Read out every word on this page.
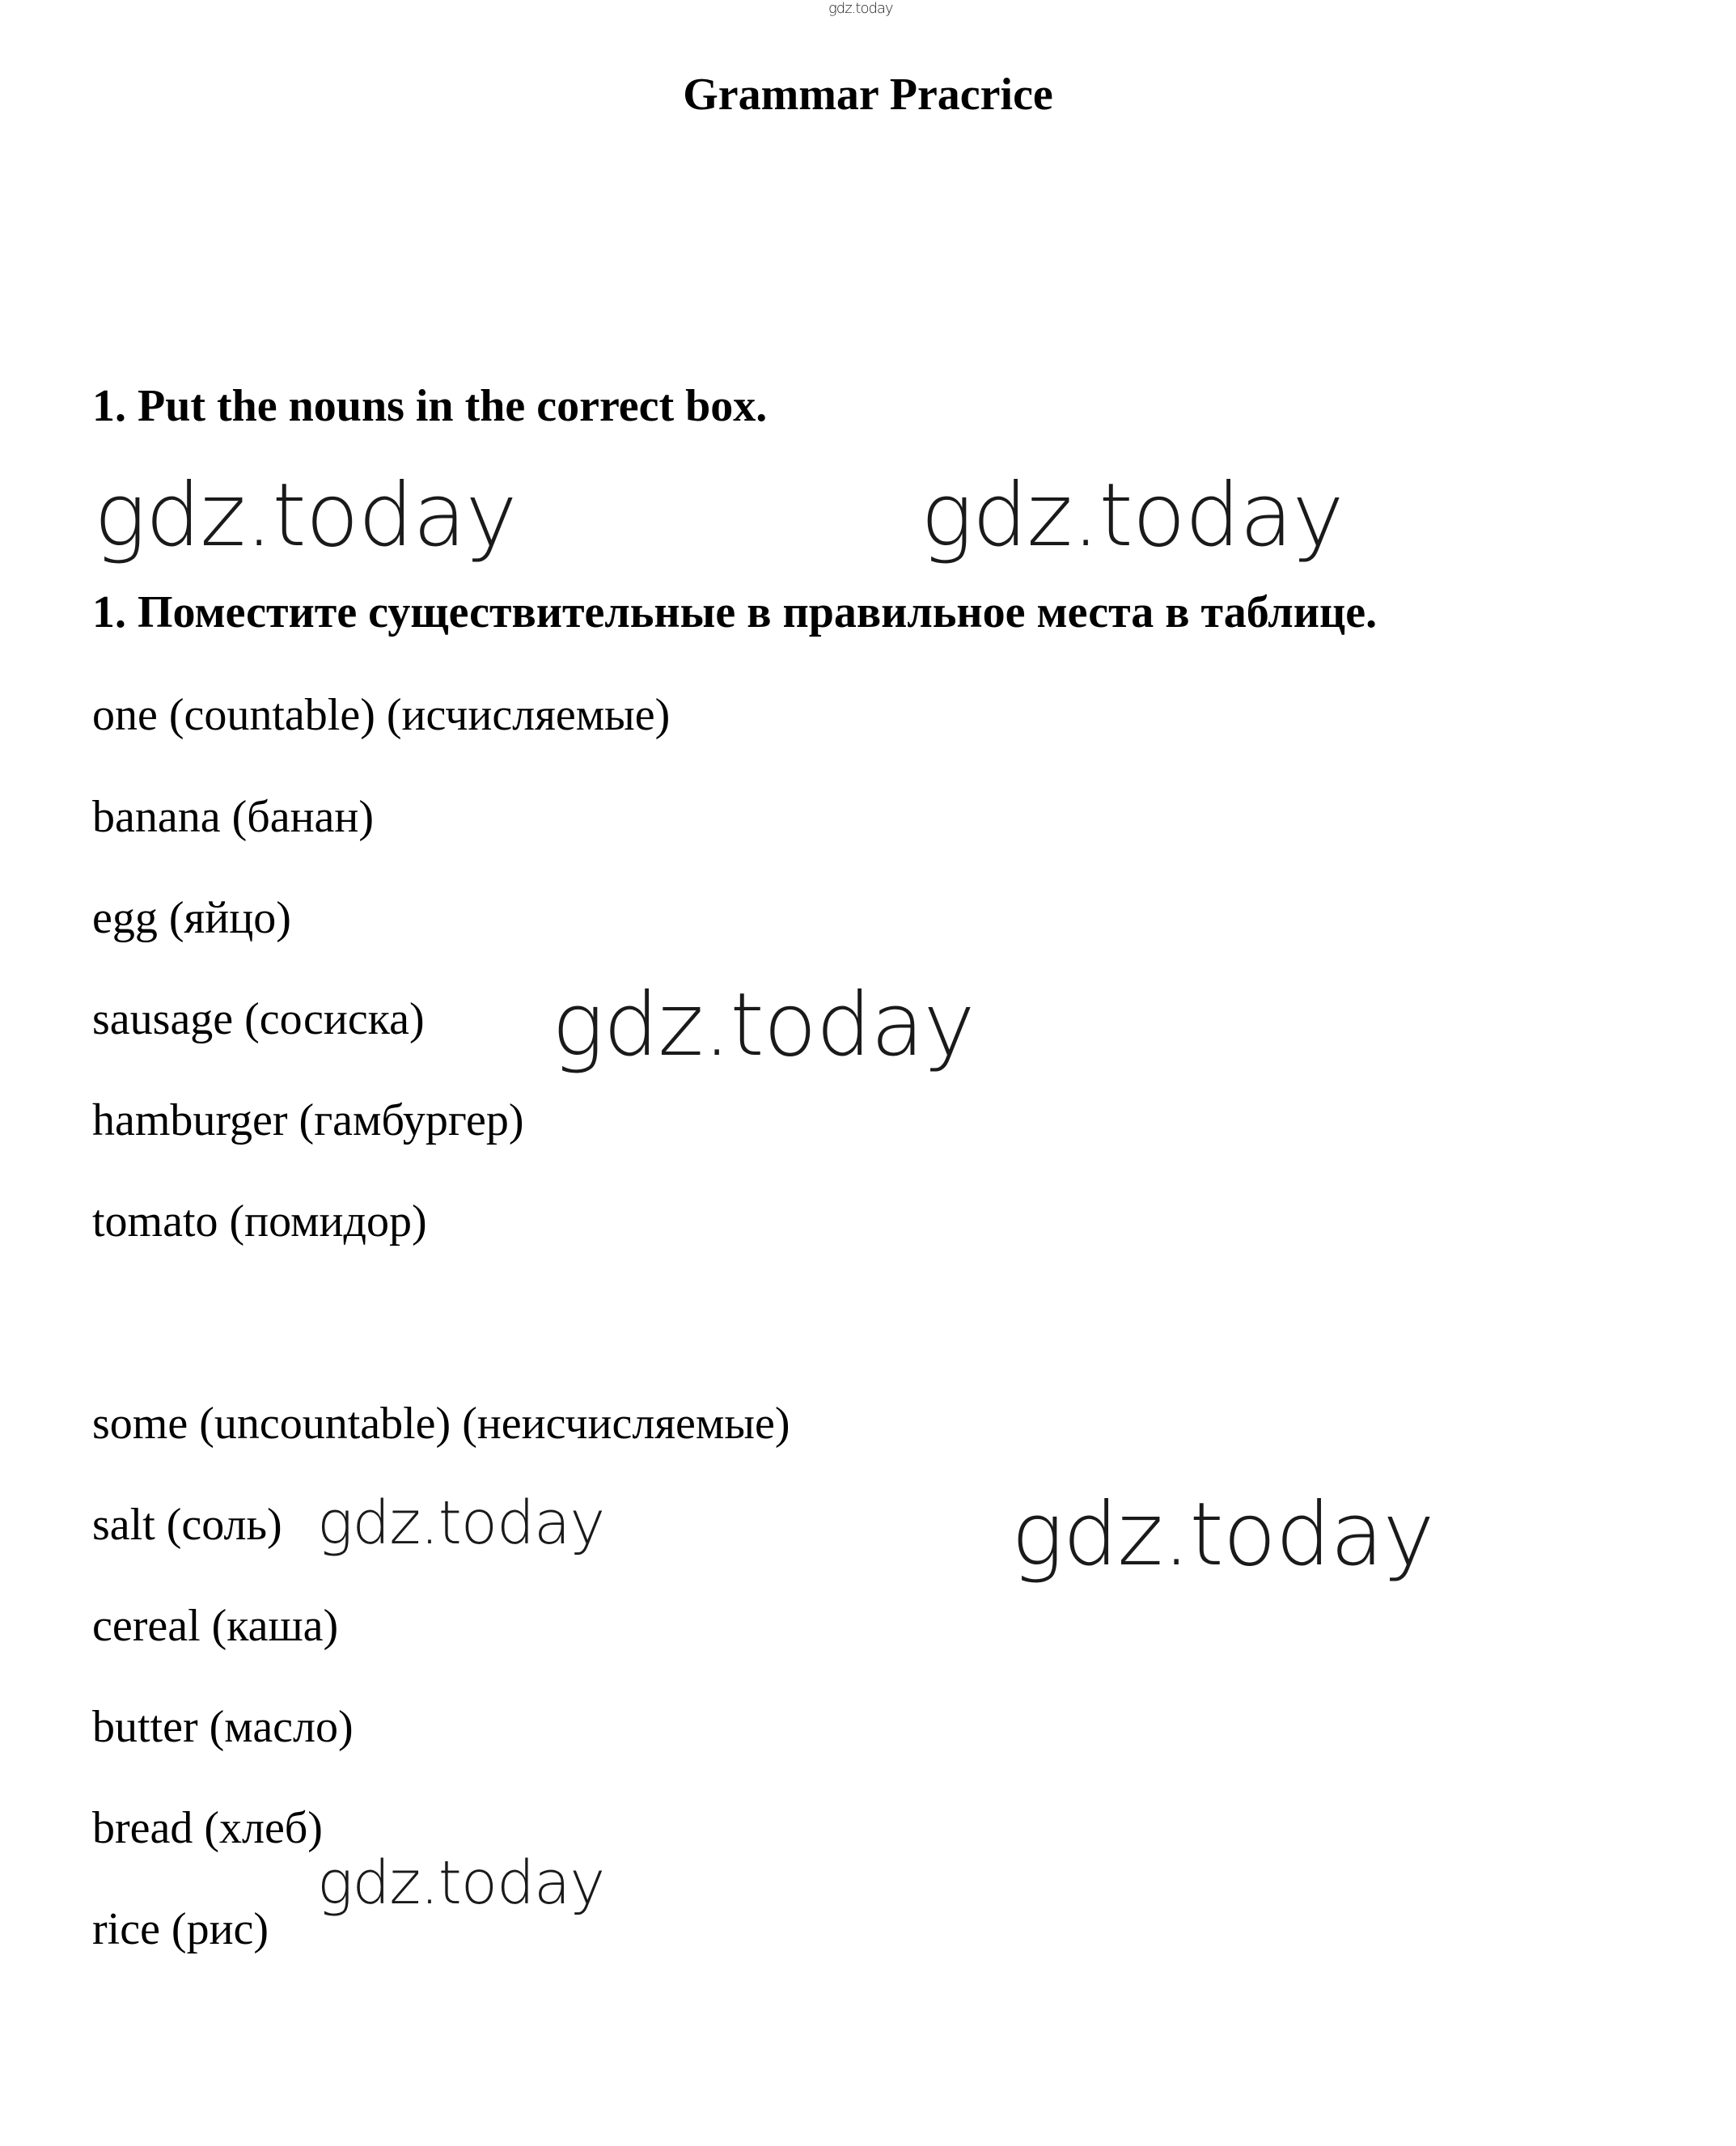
gdz.today
Grammar Pracrice
1. Put the nouns in the correct box.
gdz.today	gdz.today
1. Поместите существительные в правильное места в таблице.
one (countable) (исчисляемые)
banana (банан)
egg (яйцо)
sausage (сосиска)
hamburger (гамбургер)
tomato (помидор)
gdz.today
some (uncountable) (неисчисляемые)
salt (соль)
cereal (каша)
butter (масло)
bread (хлеб)
rice (рис)
gdz.today	gdz.today
gdz.today
